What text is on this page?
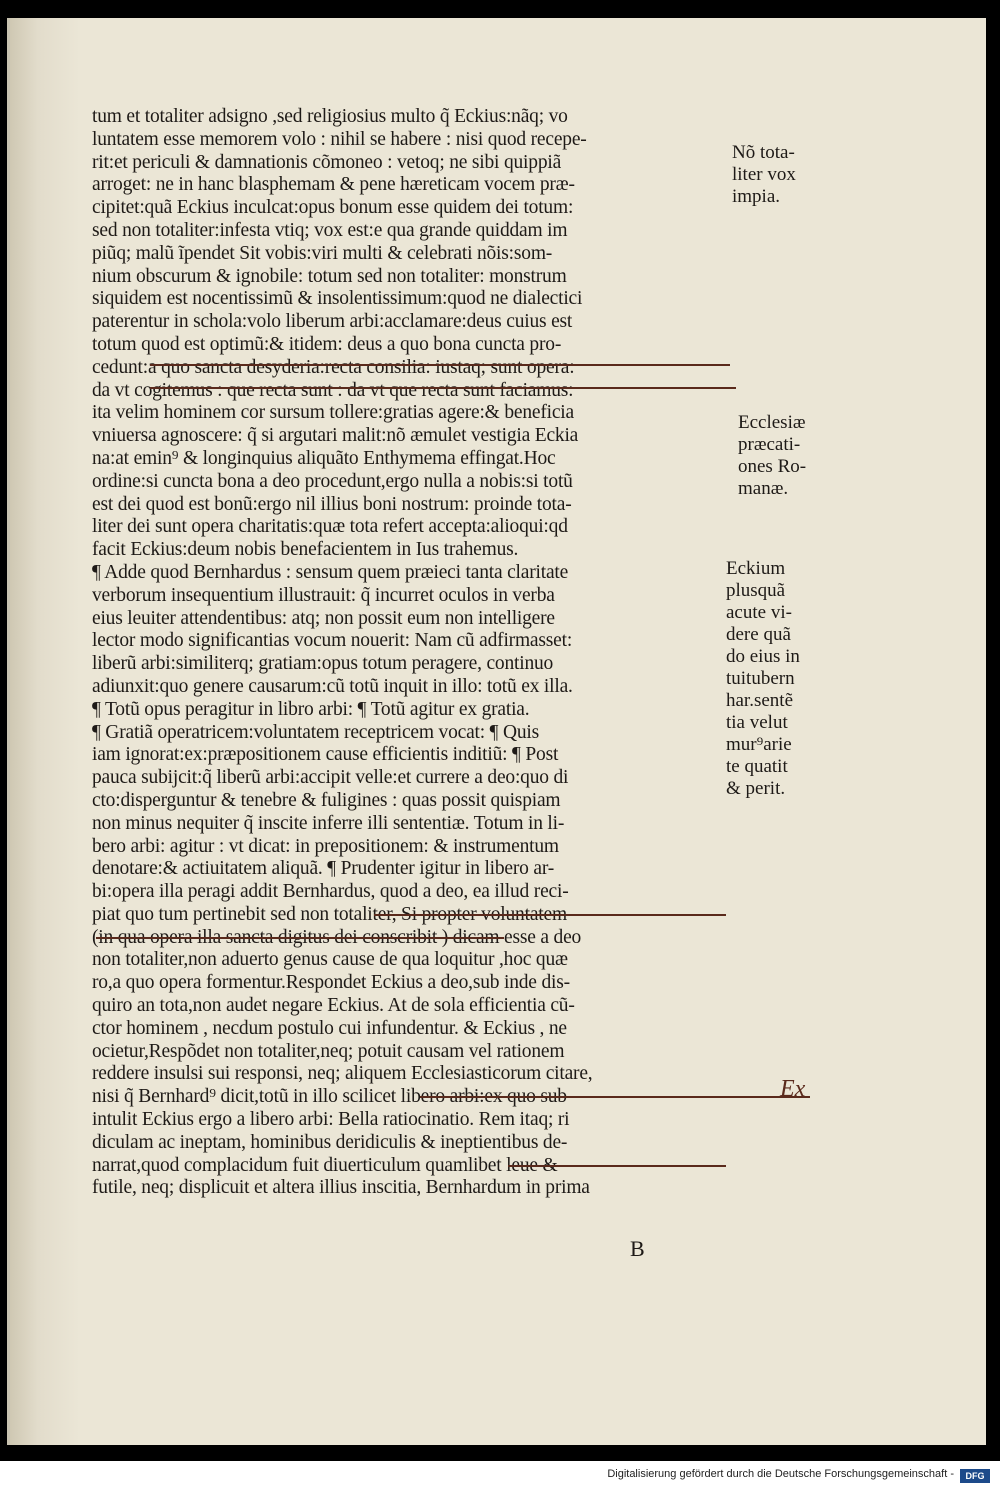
tum et totaliter adsigno ,sed religiosius multo q̃ Eckius:nãq; vo
luntatem esse memorem volo : nihil se habere : nisi quod recepe-
rit:et periculi & damnationis cõmoneo : vetoq; ne sibi quippiã
arroget: ne in hanc blasphemam & pene hæreticam vocem præ-
cipitet:quã Eckius inculcat:opus bonum esse quidem dei totum:
sed non totaliter:infesta vtiq; vox est:e qua grande quiddam im
piũq; malũ ĩpendet Sit vobis:viri multi & celebrati nõis:som-
nium obscurum & ignobile: totum sed non totaliter: monstrum
siquidem est nocentissimũ & insolentissimum:quod ne dialectici
paterentur in schola:volo liberum arbi:acclamare:deus cuius est
totum quod est optimũ:& itidem: deus a quo bona cuncta pro-
cedunt:a quo sancta desyderia:recta consilia: iustaq; sunt opera:
da vt cogitemus : que recta sunt : da vt que recta sunt faciamus:
ita velim hominem cor sursum tollere:gratias agere:& beneficia
vniuersa agnoscere: q̃ si argutari malit:nõ æmulet vestigia Eckia
na:at emin⁹ & longinquius aliquãto Enthymema effingat.Hoc
ordine:si cuncta bona a deo procedunt,ergo nulla a nobis:si totũ
est dei quod est bonũ:ergo nil illius boni nostrum: proinde tota-
liter dei sunt opera charitatis:quæ tota refert accepta:alioqui:qd
facit Eckius:deum nobis benefacientem in Ius trahemus.
¶ Adde quod Bernhardus : sensum quem præieci tanta claritate
verborum insequentium illustrauit: q̃ incurret oculos in verba
eius leuiter attendentibus: atq; non possit eum non intelligere
lector modo significantias vocum nouerit: Nam cũ adfirmasset:
liberũ arbi:similiterq; gratiam:opus totum peragere, continuo
adiunxit:quo genere causarum:cũ totũ inquit in illo: totũ ex illa.
¶ Totũ opus peragitur in libro arbi: ¶ Totũ agitur ex gratia.
¶ Gratiã operatricem:voluntatem receptricem vocat: ¶ Quis
iam ignorat:ex:præpositionem cause efficientis inditiũ: ¶ Post
pauca subijcit:q̃ liberũ arbi:accipit velle:et currere a deo:quo di
cto:disperguntur & tenebre & fuligines : quas possit quispiam
non minus nequiter q̃ inscite inferre illi sententiæ. Totum in li-
bero arbi: agitur : vt dicat: in prepositionem: & instrumentum
denotare:& actiuitatem aliquã. ¶ Prudenter igitur in libero ar-
bi:opera illa peragi addit Bernhardus, quod a deo, ea illud reci-
piat quo tum pertinebit sed non totaliter, Si propter voluntatem
(in qua opera illa sancta digitus dei conscribit ) dicam esse a deo
non totaliter,non aduerto genus cause de qua loquitur ,hoc quæ
ro,a quo opera formentur.Respondet Eckius a deo,sub inde dis-
quiro an tota,non audet negare Eckius. At de sola efficientia cũ-
ctor hominem , necdum postulo cui infundentur. & Eckius , ne
ocietur,Respõdet non totaliter,neq; potuit causam vel rationem
reddere insulsi sui responsi, neq; aliquem Ecclesiasticorum citare,
nisi q̃ Bernhard⁹ dicit,totũ in illo scilicet libero arbi:ex quo sub-
intulit Eckius ergo a libero arbi: Bella ratiocinatio. Rem itaq; ri
diculam ac ineptam, hominibus deridiculis & ineptientibus de-
narrat,quod complacidum fuit diuerticulum quamlibet leue &
futile, neq; displicuit et altera illius inscitia, Bernhardum in prima
Nõ tota-
liter vox
impia.
Ecclesiæ
præcati-
ones Ro-
manæ.
Eckium
plusquã
acute vi-
dere quã
do eius in
tuitubern
har.sentẽ
tia velut
mur⁹arie
te quatit
& perit.
Ex
B
Digitalisierung gefördert durch die Deutsche Forschungsgemeinschaft -	DFG
